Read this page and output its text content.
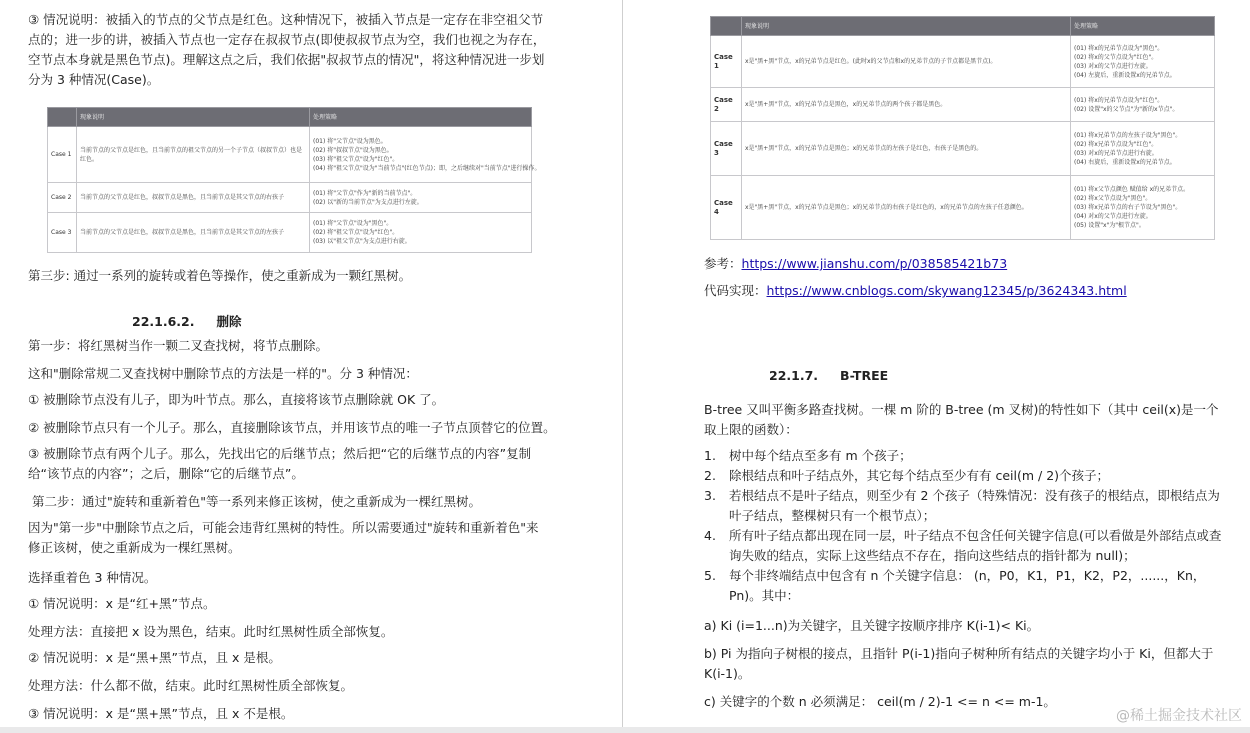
③ 情况说明：被插入的节点的父节点是红色。这种情况下，被插入节点是一定存在非空祖父节点的；进一步的讲，被插入节点也一定存在叔叔节点(即使叔叔节点为空，我们也视之为存在，空节点本身就是黑色节点)。理解这点之后，我们依据"叔叔节点的情况"，将这种情况进一步划分为 3 种情况(Case)。

	现象说明	处理策略
Case 1	当前节点的父节点是红色，且当前节点的祖父节点的另一个子节点（叔叔节点）也是红色。	(01) 将"父节点"设为黑色。
(02) 将"叔叔节点"设为黑色。
(03) 将"祖父节点"设为"红色"。
(04) 将"祖父节点"设为"当前节点"(红色节点)；即，之后继续对"当前节点"进行操作。

Case 2	当前节点的父节点是红色，叔叔节点是黑色，且当前节点是其父节点的右孩子	(01) 将"父节点"作为"新的当前节点"。
(02) 以"新的当前节点"为支点进行左旋。

Case 3	当前节点的父节点是红色，叔叔节点是黑色，且当前节点是其父节点的左孩子	(01) 将"父节点"设为"黑色"。
(02) 将"祖父节点"设为"红色"。
(03) 以"祖父节点"为支点进行右旋。

第三步: 通过一系列的旋转或着色等操作，使之重新成为一颗红黑树。

22.1.6.2. 删除

第一步：将红黑树当作一颗二叉查找树，将节点删除。

这和"删除常规二叉查找树中删除节点的方法是一样的"。分 3 种情况：

① 被删除节点没有儿子，即为叶节点。那么，直接将该节点删除就 OK 了。

② 被删除节点只有一个儿子。那么，直接删除该节点，并用该节点的唯一子节点顶替它的位置。

③ 被删除节点有两个儿子。那么，先找出它的后继节点；然后把“它的后继节点的内容”复制给“该节点的内容”；之后，删除“它的后继节点”。

第二步：通过"旋转和重新着色"等一系列来修正该树，使之重新成为一棵红黑树。

因为"第一步"中删除节点之后，可能会违背红黑树的特性。所以需要通过"旋转和重新着色"来修正该树，使之重新成为一棵红黑树。

选择重着色 3 种情况。

① 情况说明：x 是“红+黑”节点。

处理方法：直接把 x 设为黑色，结束。此时红黑树性质全部恢复。

② 情况说明：x 是“黑+黑”节点，且 x 是根。

处理方法：什么都不做，结束。此时红黑树性质全部恢复。

③ 情况说明：x 是“黑+黑”节点，且 x 不是根。

	现象说明	处理策略
Case 1	x是"黑+黑"节点，x的兄弟节点是红色。(此时x的父节点和x的兄弟节点的子节点都是黑节点)。	(01) 将x的兄弟节点设为"黑色"。
(02) 将x的父节点设为"红色"。
(03) 对x的父节点进行左旋。
(04) 左旋后，重新设置x的兄弟节点。

Case 2	x是"黑+黑"节点，x的兄弟节点是黑色，x的兄弟节点的两个孩子都是黑色。	(01) 将x的兄弟节点设为"红色"。
(02) 设置"x的父节点"为"新的x节点"。

Case 3	x是"黑+黑"节点，x的兄弟节点是黑色；x的兄弟节点的左孩子是红色，右孩子是黑色的。	(01) 将x兄弟节点的左孩子设为"黑色"。
(02) 将x兄弟节点设为"红色"。
(03) 对x的兄弟节点进行右旋。
(04) 右旋后，重新设置x的兄弟节点。

Case 4	x是"黑+黑"节点，x的兄弟节点是黑色；x的兄弟节点的右孩子是红色的，x的兄弟节点的左孩子任意颜色。	(01) 将x父节点颜色 赋值给 x的兄弟节点。
(02) 将x父节点设为"黑色"。
(03) 将x兄弟节点的右子节设为"黑色"。
(04) 对x的父节点进行左旋。
(05) 设置"x"为"根节点"。

参考：https://www.jianshu.com/p/038585421b73

代码实现：https://www.cnblogs.com/skywang12345/p/3624343.html

22.1.7. B-TREE

B-tree 又叫平衡多路查找树。一棵 m 阶的 B-tree (m 叉树)的特性如下（其中 ceil(x)是一个取上限的函数）：

1. 树中每个结点至多有 m 个孩子；
2. 除根结点和叶子结点外，其它每个结点至少有有 ceil(m / 2)个孩子；
3. 若根结点不是叶子结点，则至少有 2 个孩子（特殊情况：没有孩子的根结点，即根结点为叶子结点，整棵树只有一个根节点）；
4. 所有叶子结点都出现在同一层，叶子结点不包含任何关键字信息(可以看做是外部结点或查询失败的结点，实际上这些结点不存在，指向这些结点的指针都为 null)；
5. 每个非终端结点中包含有 n 个关键字信息： (n，P0，K1，P1，K2，P2，......，Kn，Pn)。其中：

a) Ki (i=1...n)为关键字，且关键字按顺序排序 K(i-1)< Ki。

b) Pi 为指向子树根的接点，且指针 P(i-1)指向子树种所有结点的关键字均小于 Ki，但都大于 K(i-1)。

c) 关键字的个数 n 必须满足： ceil(m / 2)-1 <= n <= m-1。

@稀土掘金技术社区
